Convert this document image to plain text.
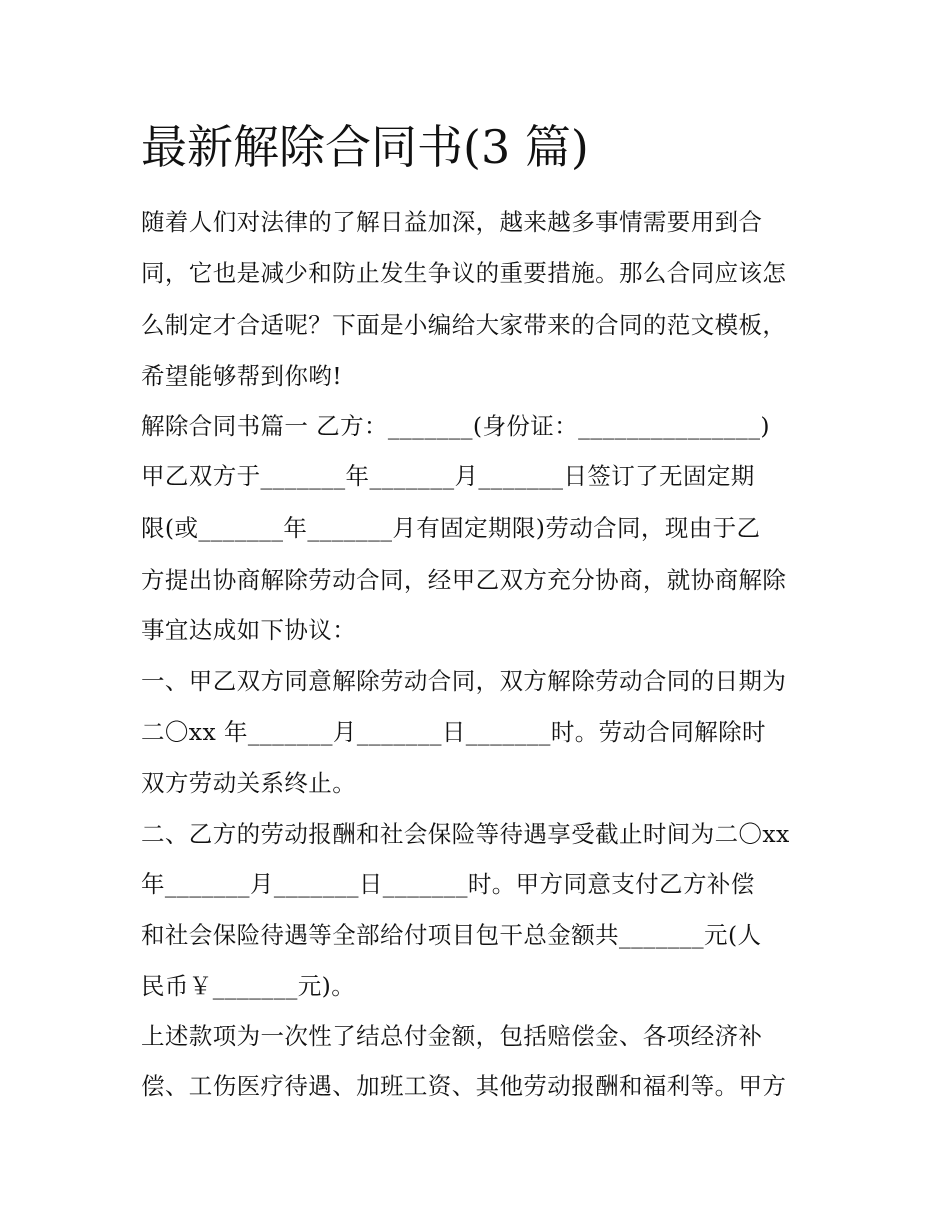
最新解除合同书(3 篇)

随着人们对法律的了解日益加深，越来越多事情需要用到合

同，它也是减少和防止发生争议的重要措施。那么合同应该怎

么制定才合适呢？下面是小编给大家带来的合同的范文模板，

希望能够帮到你哟!

解除合同书篇一 乙方：_______(身份证：_______________)

甲乙双方于_______年_______月_______日签订了无固定期

限(或_______年_______月有固定期限)劳动合同，现由于乙

方提出协商解除劳动合同，经甲乙双方充分协商，就协商解除

事宜达成如下协议：

一、甲乙双方同意解除劳动合同，双方解除劳动合同的日期为

二〇xx 年_______月_______日_______时。劳动合同解除时

双方劳动关系终止。

二、乙方的劳动报酬和社会保险等待遇享受截止时间为二〇xx

年_______月_______日_______时。甲方同意支付乙方补偿

和社会保险待遇等全部给付项目包干总金额共_______元(人

民币￥_______元)。

上述款项为一次性了结总付金额，包括赔偿金、各项经济补

偿、工伤医疗待遇、加班工资、其他劳动报酬和福利等。甲方
